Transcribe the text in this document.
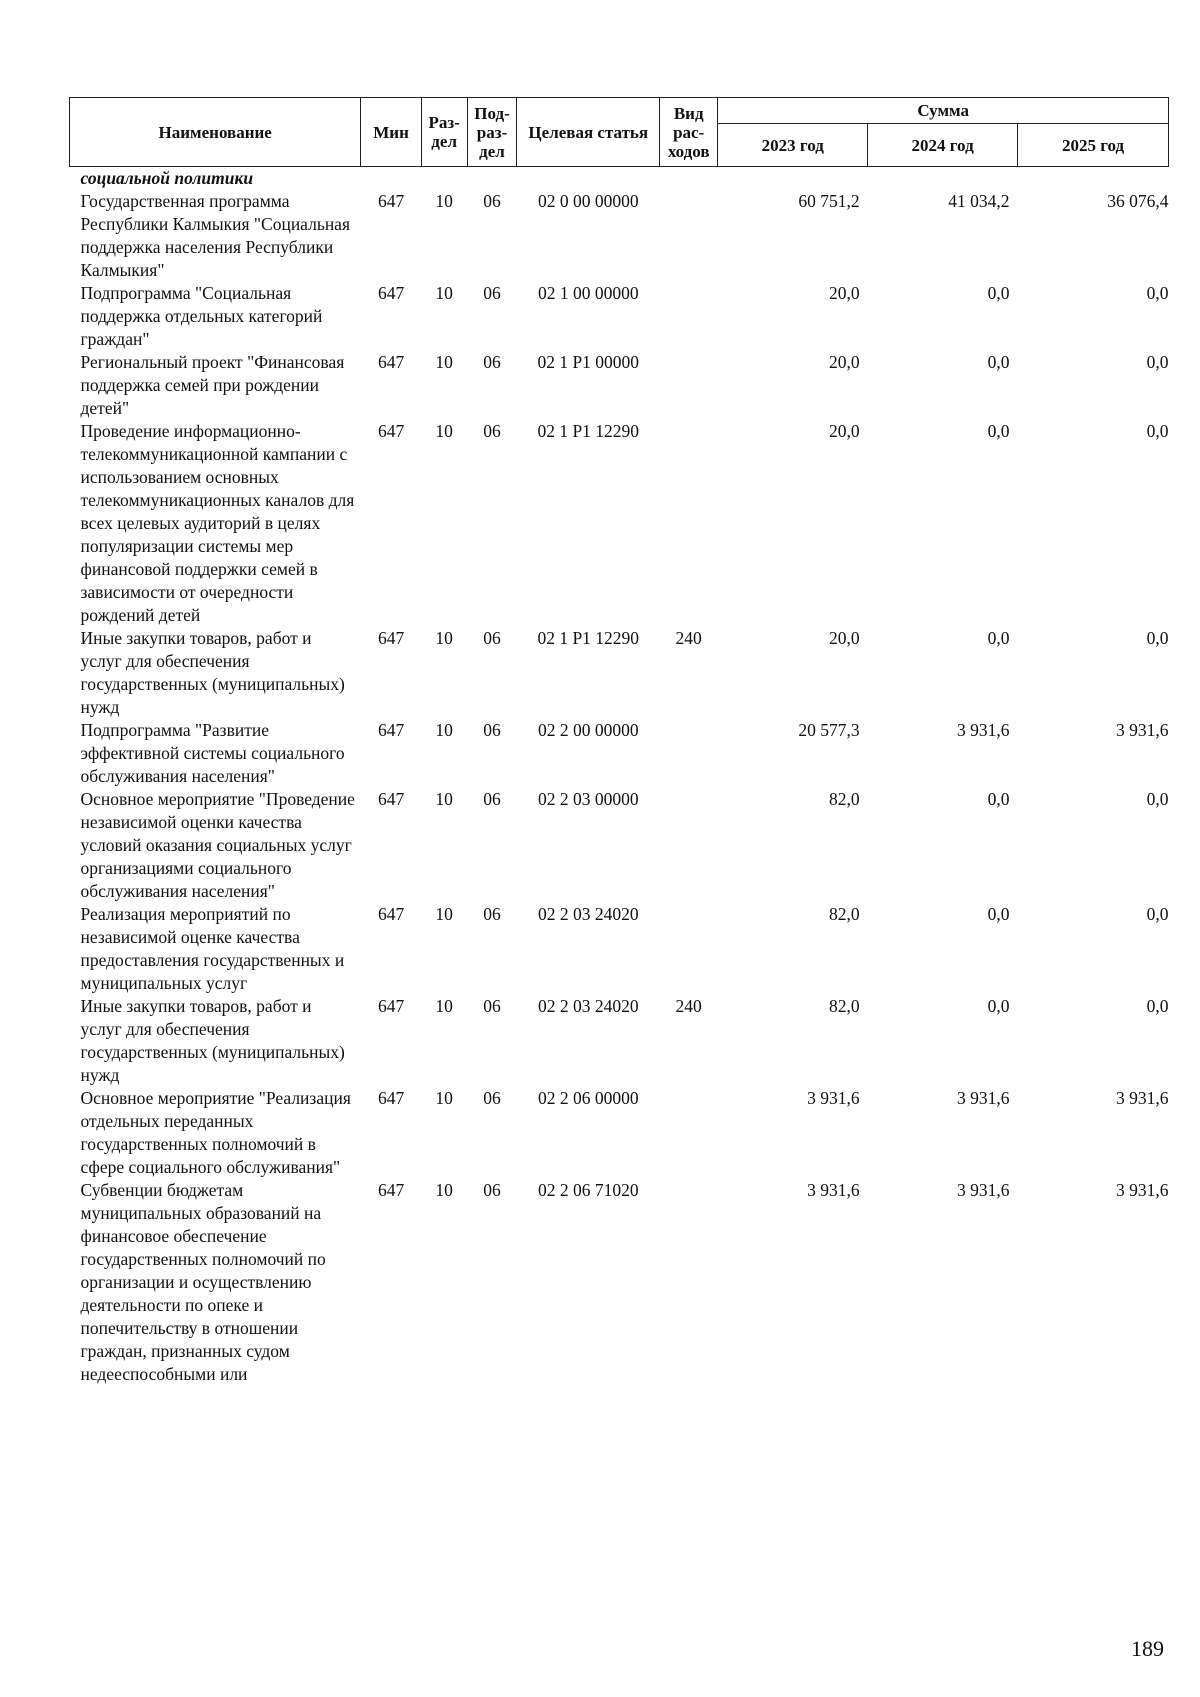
Наименование	Мин	Раз-дел	Под-раз-дел	Целевая статья	Вид рас-ходов	Сумма		
						2023 год	2024 год	2025 год
социальной политики								
Государственная программа Республики Калмыкия "Социальная поддержка населения Республики Калмыкия"	647	10	06	02 0 00 00000		60 751,2	41 034,2	36 076,4
Подпрограмма "Социальная поддержка отдельных категорий граждан"	647	10	06	02 1 00 00000		20,0	0,0	0,0
Региональный проект "Финансовая поддержка семей при рождении детей"	647	10	06	02 1 P1 00000		20,0	0,0	0,0
Проведение информационно-телекоммуникационной кампании с использованием основных телекоммуникационных каналов для всех целевых аудиторий в целях популяризации системы мер финансовой поддержки семей в зависимости от очередности рождений детей	647	10	06	02 1 P1 12290		20,0	0,0	0,0
Иные закупки товаров, работ и услуг для обеспечения государственных (муниципальных) нужд	647	10	06	02 1 P1 12290	240	20,0	0,0	0,0
Подпрограмма "Развитие эффективной системы социального обслуживания населения"	647	10	06	02 2 00 00000		20 577,3	3 931,6	3 931,6
Основное мероприятие "Проведение независимой оценки качества условий оказания социальных услуг организациями социального обслуживания населения"	647	10	06	02 2 03 00000		82,0	0,0	0,0
Реализация мероприятий по независимой оценке качества предоставления государственных и муниципальных услуг	647	10	06	02 2 03 24020		82,0	0,0	0,0
Иные закупки товаров, работ и услуг для обеспечения государственных (муниципальных) нужд	647	10	06	02 2 03 24020	240	82,0	0,0	0,0
Основное мероприятие "Реализация отдельных переданных государственных полномочий в сфере социального обслуживания"	647	10	06	02 2 06 00000		3 931,6	3 931,6	3 931,6
Субвенции бюджетам муниципальных образований на финансовое обеспечение государственных полномочий по организации и осуществлению деятельности по опеке и попечительству в отношении граждан, признанных судом недееспособными или	647	10	06	02 2 06 71020		3 931,6	3 931,6	3 931,6
189
